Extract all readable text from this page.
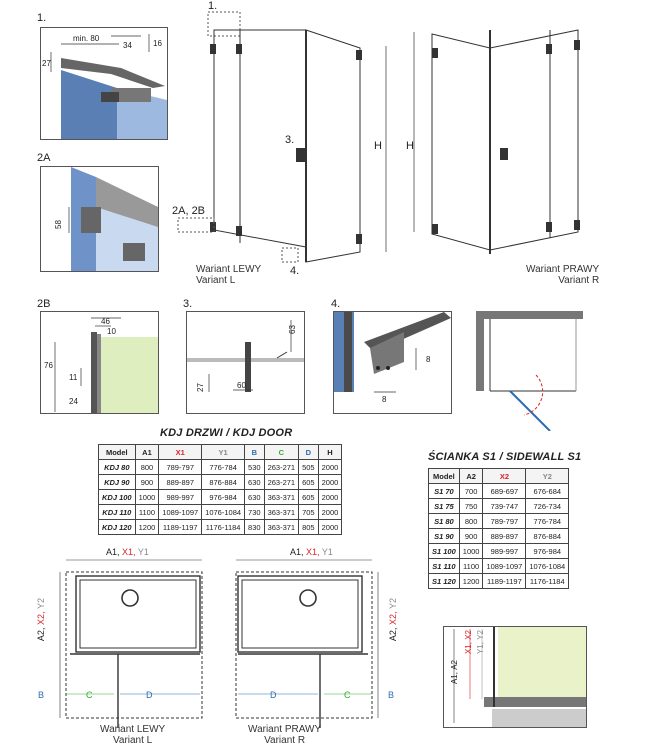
1.
min. 80
34	16
27
2A
58
1.
3.
2A, 2B
4.
H H
Wariant LEWY
Variant L
Wariant PRAWY
Variant R
2B
46
10
76
11
24
3.
63
27	60
4.
8
8
KDJ DRZWI / KDJ DOOR
Model	A1	X1	Y1	B	C	D	H
KDJ 80	800	789-797	776-784	530	263-271	505	2000
KDJ 90	900	889-897	876-884	630	263-271	605	2000
KDJ 100	1000	989-997	976-984	630	363-371	605	2000
KDJ 110	1100	1089-1097	1076-1084	730	363-371	705	2000
KDJ 120	1200	1189-1197	1176-1184	830	363-371	805	2000
ŚCIANKA S1 / SIDEWALL S1
Model	A2	X2	Y2
S1 70	700	689-697	676-684
S1 75	750	739-747	726-734
S1 80	800	789-797	776-784
S1 90	900	889-897	876-884
S1 100	1000	989-997	976-984
S1 110	1100	1089-1097	1076-1084
S1 120	1200	1189-1197	1176-1184
A1, X1, Y1
A2, X2, Y2
B	C	D
Wariant LEWY
Variant L
A1, X1, Y1
A2, X2, Y2
B
D	C
Wariant PRAWY
Variant R
A1, A2
X1, X2
Y1, Y2
